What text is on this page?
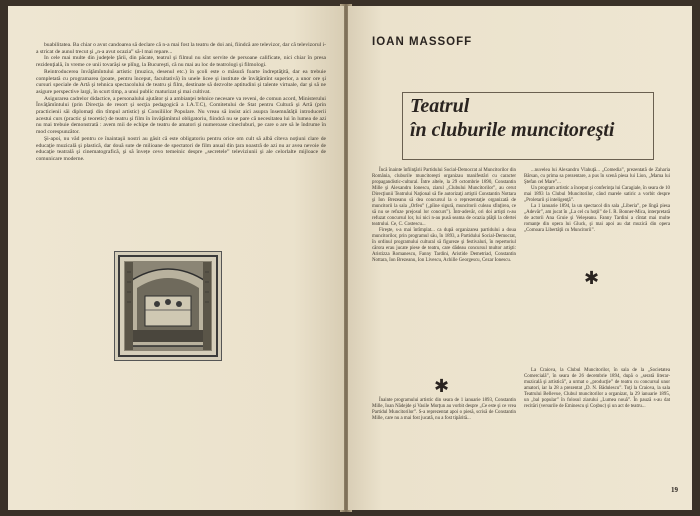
buabilitatea. Ba chiar o avut candoarea să declare că n-a mai fost la teatru de doi ani, fiindcă are televizor, dar că televizorul i-a stricat de aunul trecut şi „n-a avut ocazia” să-l mai repare...

In cele mai multe din judeţele ţării, din păcate, teatrul şi filmul nu sînt servite de persoane calificate, nici chiar în presa rezidenţială, în vreme ce unii tovarăşi se plîng, la Bucureşti, că nu mai au loc de teatrologi şi filmologi.

Reintroducerea învăţămîntului artistic (muzica, desenul etc.) în şcoli este o măsură foarte îndreptăţită, dar ea trebuie completată cu programarea (poate, pentru început, facultativă) în unele licee şi institute de învăţămînt superior, a unor ore şi cursuri speciale de Artă şi tehnica spectacolului de teatru şi film, destinate să dezvolte aptitudini şi talente virtuale, dar şi să ne asigure perspective largi, în scurt timp, a unui public maturizat şi mai cultivat.

Asigurarea cadrelor didactice, a personalului ajutător şi a ambianţei tehnice necesare va reveni, de comun acord, Ministerului Învăţămîntului (prin Direcţia de resort şi secţia pedagogică a I.A.T.C), Comitetului de Stat pentru Cultură şi Artă (prin practicienii săi diplomaţi din tîmpul artistic) şi Consiliilor Populare. Nu vreau să insist aici asupra însemnătăţii introducerii acestui curs (practic şi teoretic) de teatru şi film în învăţămîntul obligatoriu, fiindcă nu se pare că necesitatea lui în lumea de azi nu mai trebuie demonstrată : avem mii de echipe de teatru de amatori şi numeroase cinecluburi, pe care o are să le îndrume în mod corespunzător.

Şi-apoi, nu văd pentru ce înaintaşii nostri au găsit că este obligatoriu pentru orice om cult să albă cîteva noţiuni clare de educaţie muzicală şi plastică, dar două sute de milioane de spectatori de film anual din ţara noastră de azi nu ar avea nevoie de educaţie teatrală şi cinematografică, şi să învețe cevo temeinic despre „secretele” televiziunii şi ale celorlalte mijloace de comunicare moderne.

IOAN MASSOFF
Teatrul
în cluburile muncitoreşti

Încă înainte înfiinţării Partidului Social-Democrat al Muncitorilor din România, cluburile muncitoreşti organizau manifestări cu caracter propagandistic-cultural. Între altele, la 29 octombrie 1890, Constantin Mille şi Alexandru Ionescu, ziarul „Clubului Muncitorilor”, au cerut Direcţiunii Teatrului Naţional să fie autorizaţi artiştii Constantin Nottara şi Ion Brezeanu să dea concursul la o reprezentaţie organizată de muncitorii la sala „Orfeu” („pîine sigură, muncitorii culeau sfinţirea, ce să nu se refuze prejosul lor concurs”). Într-adevăr, ori doi artişti n-au refuzat concursul lor, lui nici n-au pusă seama de ocazia plăţii la ofertei teatrului. Ce, C. Costescu...

Fireşte, s-a mai întîmplat... ca după organizarea partidului a doua muncitorilor, prin programul său, în 1893, a Partidului Social-Democrat, în ordinul programului cultural să figureze şi festivaluri, în repertoriul cărora erau jucate piese de teatru, care dădeau concursul multor artişti: Aristizza Romanescu, Fanny Tardini, Aristide Demetriad, Constantin Nottara, Ion Brezeanu, Ion Livescu, Achille Georgescu, Cezar Ionescu.

✱

Înainte programului artistic din seara de 1 ianuarie 1893, Constantin Mille, Ioan Nădejde şi Vasile Morţun au vorbit despre „Ce este şi ce vrea Partidul Muncitorilor”. S-a reprezentat apoi o piesă, scrisă de Constantin Mille, care nu a mai fost jucată, nu a fost tipărită...

...nuvelea lui Alexandru Vlahuţă... „Comedia”, prezentată de Zaharia Bărsan, cu prima sa prezentare, a pus în scenă piesa lui Lion, „Mama lui Ştefan cel Mare”...

Un program artistic a început şi conferinţa lui Caragiale, în seara de 10 mai 1893 la Clubul Muncitorilor, când marele satiric a vorbit despre „Proletarii şi inteligenţă”.

La 1 ianuarie 1894, la un spectacol din sala „Liberia”, pe lîngă piesa „Adevăr”, am jucat în „La cel cu hoţii” de I. R. Bonner-Mica, interpretată de actorii Ana Gruie şi Veleşeanu. Fanny Tardini a cîntat mai multe romanţe din opera lui Gluck, şi mai apoi au dat muzică din opera „Comoara Libertăţii cu Muncitorii”.

✱

La Craiova, la Clubul Muncitorilor, în sala de la „Societatea Comercială”, în seara de 26 decembrie 1894, după o „serată literar-muzicală şi artistică”, a urmat o „producţie” de teatru cu concursul unor amatori, iar la 28 a prezentat „D. N. Bădulescu”. Toţi la Craiova, la sala Teatrului Bellevue, Clubul muncitorilor a organizat, la 29 ianuarie 1895, un „bal popular” în folosul ziarului „Lumea nouă”. În pauză s-au dat recitări (versurile de Eminescu şi Coşbuc) şi un act de teatru...

19
